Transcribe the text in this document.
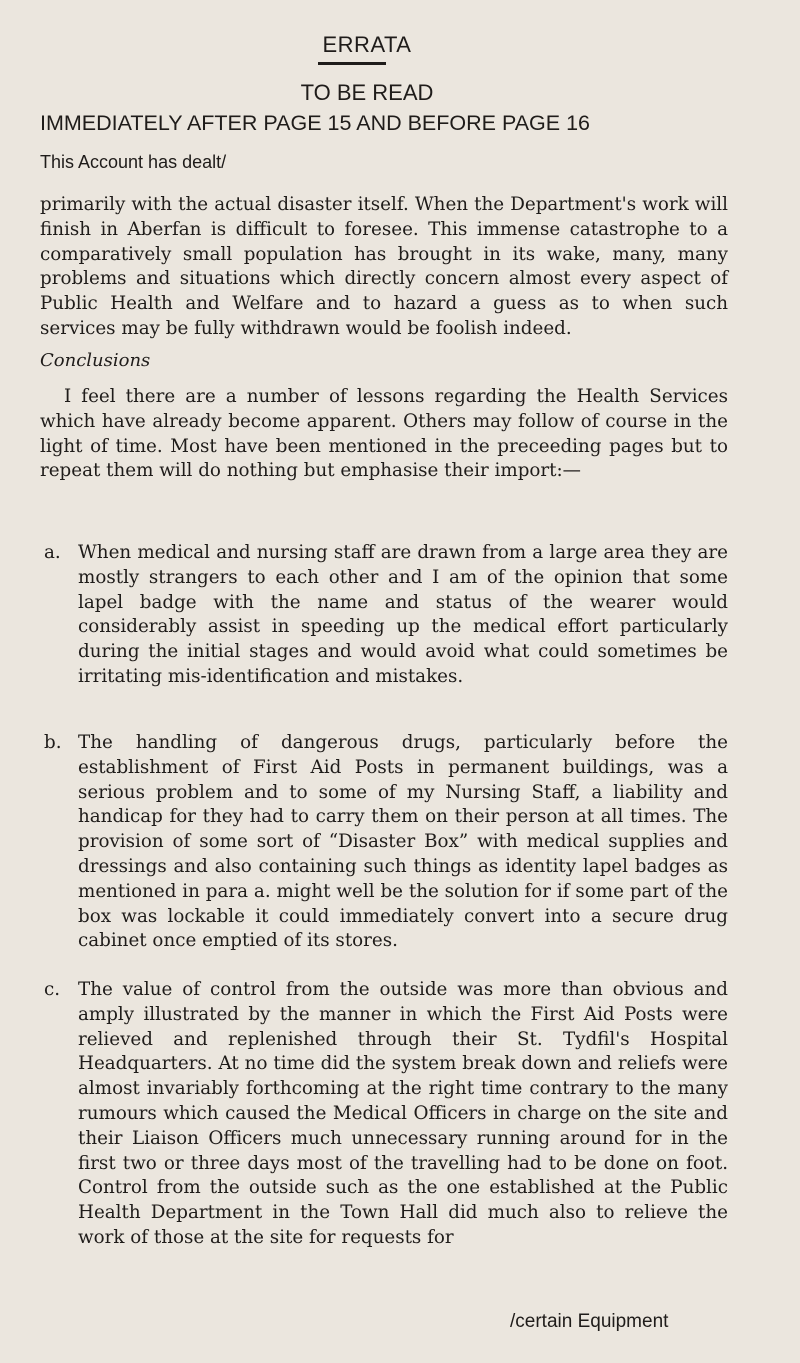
ERRATA
TO BE READ
IMMEDIATELY AFTER PAGE 15 AND BEFORE PAGE 16
This Account has dealt/
primarily with the actual disaster itself. When the Department's work will finish in Aberfan is difficult to foresee. This immense catastrophe to a comparatively small population has brought in its wake, many, many problems and situations which directly concern almost every aspect of Public Health and Welfare and to hazard a guess as to when such services may be fully withdrawn would be foolish indeed.
Conclusions
I feel there are a number of lessons regarding the Health Services which have already become apparent. Others may follow of course in the light of time. Most have been mentioned in the preceeding pages but to repeat them will do nothing but emphasise their import:—
a. When medical and nursing staff are drawn from a large area they are mostly strangers to each other and I am of the opinion that some lapel badge with the name and status of the wearer would considerably assist in speeding up the medical effort particularly during the initial stages and would avoid what could sometimes be irritating mis-identification and mistakes.
b. The handling of dangerous drugs, particularly before the establishment of First Aid Posts in permanent buildings, was a serious problem and to some of my Nursing Staff, a liability and handicap for they had to carry them on their person at all times. The provision of some sort of “Disaster Box” with medical supplies and dressings and also containing such things as identity lapel badges as mentioned in para a. might well be the solution for if some part of the box was lockable it could immediately convert into a secure drug cabinet once emptied of its stores.
c. The value of control from the outside was more than obvious and amply illustrated by the manner in which the First Aid Posts were relieved and replenished through their St. Tydfil's Hospital Headquarters. At no time did the system break down and reliefs were almost invariably forthcoming at the right time contrary to the many rumours which caused the Medical Officers in charge on the site and their Liaison Officers much unnecessary running around for in the first two or three days most of the travelling had to be done on foot. Control from the outside such as the one established at the Public Health Department in the Town Hall did much also to relieve the work of those at the site for requests for
/certain Equipment
